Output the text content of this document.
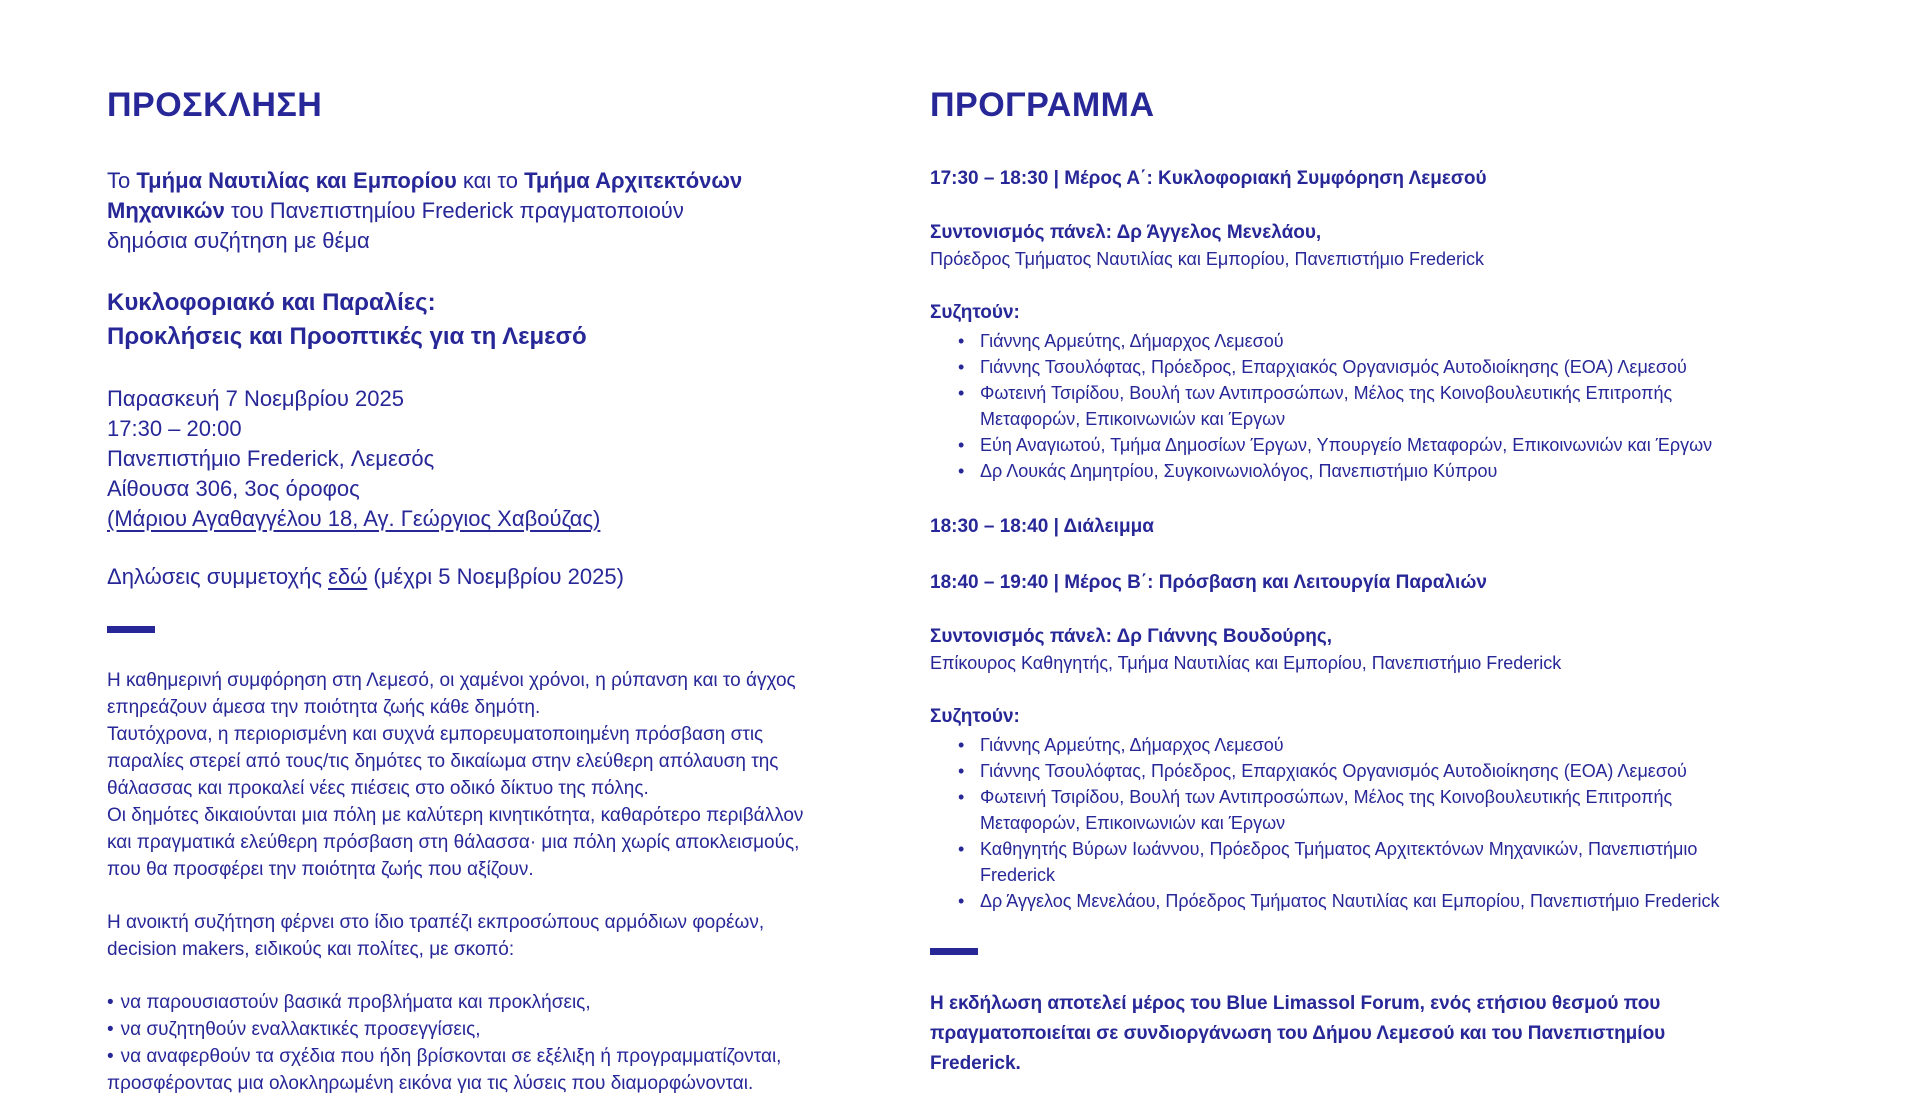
ΠΡΟΣΚΛΗΣΗ

Το Τμήμα Ναυτιλίας και Εμπορίου και το Τμήμα Αρχιτεκτόνων Μηχανικών του Πανεπιστημίου Frederick πραγματοποιούν δημόσια συζήτηση με θέμα

Κυκλοφοριακό και Παραλίες:
Προκλήσεις και Προοπτικές για τη Λεμεσό
Παρασκευή 7 Νοεμβρίου 2025
17:30 – 20:00
Πανεπιστήμιο Frederick, Λεμεσός
Αίθουσα 306, 3ος όροφος
(Μάριου Αγαθαγγέλου 18, Αγ. Γεώργιος Χαβούζας)
Δηλώσεις συμμετοχής εδώ (μέχρι 5 Νοεμβρίου 2025)

Η καθημερινή συμφόρηση στη Λεμεσό, οι χαμένοι χρόνοι, η ρύπανση και το άγχος επηρεάζουν άμεσα την ποιότητα ζωής κάθε δημότη.

Ταυτόχρονα, η περιορισμένη και συχνά εμπορευματοποιημένη πρόσβαση στις παραλίες στερεί από τους/τις δημότες το δικαίωμα στην ελεύθερη απόλαυση της θάλασσας και προκαλεί νέες πιέσεις στο οδικό δίκτυο της πόλης.

Οι δημότες δικαιούνται μια πόλη με καλύτερη κινητικότητα, καθαρότερο περιβάλλον και πραγματικά ελεύθερη πρόσβαση στη θάλασσα· μια πόλη χωρίς αποκλεισμούς, που θα προσφέρει την ποιότητα ζωής που αξίζουν.

Η ανοικτή συζήτηση φέρνει στο ίδιο τραπέζι εκπροσώπους αρμόδιων φορέων, decision makers, ειδικούς και πολίτες, με σκοπό:

• να παρουσιαστούν βασικά προβλήματα και προκλήσεις,
• να συζητηθούν εναλλακτικές προσεγγίσεις,
• να αναφερθούν τα σχέδια που ήδη βρίσκονται σε εξέλιξη ή προγραμματίζονται, προσφέροντας μια ολοκληρωμένη εικόνα για τις λύσεις που διαμορφώνονται.
ΠΡΟΓΡΑΜΜΑ
17:30 – 18:30 | Μέρος Α΄: Κυκλοφοριακή Συμφόρηση Λεμεσού

Συντονισμός πάνελ: Δρ Άγγελος Μενελάου,
Πρόεδρος Τμήματος Ναυτιλίας και Εμπορίου, Πανεπιστήμιο Frederick

Συζητούν:

• Γιάννης Αρμεύτης, Δήμαρχος Λεμεσού
• Γιάννης Τσουλόφτας, Πρόεδρος, Επαρχιακός Οργανισμός Αυτοδιοίκησης (ΕΟΑ) Λεμεσού
• Φωτεινή Τσιρίδου, Βουλή των Αντιπροσώπων, Μέλος της Κοινοβουλευτικής Επιτροπής Μεταφορών, Επικοινωνιών και Έργων
• Εύη Αναγιωτού, Τμήμα Δημοσίων Έργων, Υπουργείο Μεταφορών, Επικοινωνιών και Έργων
• Δρ Λουκάς Δημητρίου, Συγκοινωνιολόγος, Πανεπιστήμιο Κύπρου
18:30 – 18:40 | Διάλειμμα
18:40 – 19:40 | Μέρος Β΄: Πρόσβαση και Λειτουργία Παραλιών

Συντονισμός πάνελ: Δρ Γιάννης Βουδούρης,
Επίκουρος Καθηγητής, Τμήμα Ναυτιλίας και Εμπορίου, Πανεπιστήμιο Frederick

Συζητούν:

• Γιάννης Αρμεύτης, Δήμαρχος Λεμεσού
• Γιάννης Τσουλόφτας, Πρόεδρος, Επαρχιακός Οργανισμός Αυτοδιοίκησης (ΕΟΑ) Λεμεσού
• Φωτεινή Τσιρίδου, Βουλή των Αντιπροσώπων, Μέλος της Κοινοβουλευτικής Επιτροπής Μεταφορών, Επικοινωνιών και Έργων
• Καθηγητής Βύρων Ιωάννου, Πρόεδρος Τμήματος Αρχιτεκτόνων Μηχανικών, Πανεπιστήμιο Frederick
• Δρ Άγγελος Μενελάου, Πρόεδρος Τμήματος Ναυτιλίας και Εμπορίου, Πανεπιστήμιο Frederick

Η εκδήλωση αποτελεί μέρος του Blue Limassol Forum, ενός ετήσιου θεσμού που πραγματοποιείται σε συνδιοργάνωση του Δήμου Λεμεσού και του Πανεπιστημίου Frederick.
